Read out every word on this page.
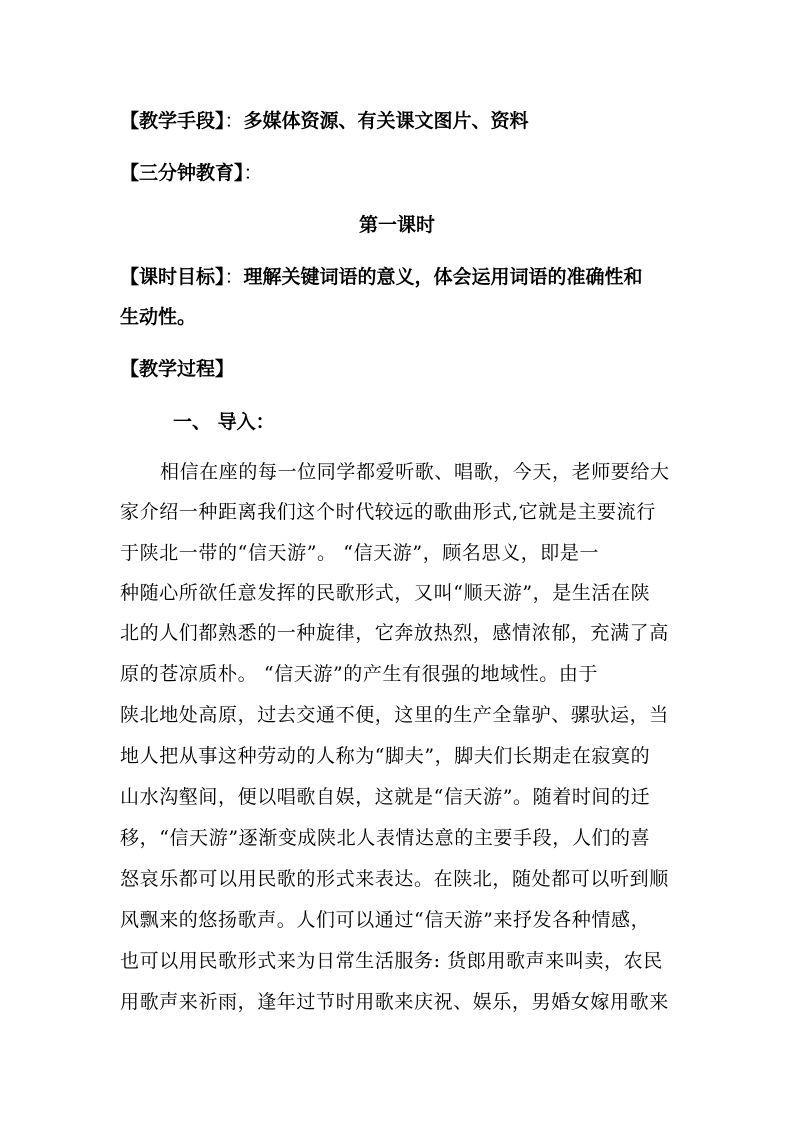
【教学手段】：多媒体资源、有关课文图片、资料
【三分钟教育】：
第一课时
【课时目标】：理解关键词语的意义，体会运用词语的准确性和
生动性。
【教学过程】
一、 导入：
相信在座的每一位同学都爱听歌、唱歌，今天，老师要给大
家介绍一种距离我们这个时代较远的歌曲形式,它就是主要流行
于陕北一带的“信天游”。 “信天游”，顾名思义，即是一
种随心所欲任意发挥的民歌形式，又叫“顺天游”，是生活在陕
北的人们都熟悉的一种旋律，它奔放热烈，感情浓郁，充满了高
原的苍凉质朴。 “信天游”的产生有很强的地域性。由于
陕北地处高原，过去交通不便，这里的生产全靠驴、骡驮运，当
地人把从事这种劳动的人称为“脚夫”，脚夫们长期走在寂寞的
山水沟壑间，便以唱歌自娱，这就是“信天游”。随着时间的迁
移，“信天游”逐渐变成陕北人表情达意的主要手段，人们的喜
怒哀乐都可以用民歌的形式来表达。在陕北，随处都可以听到顺
风飘来的悠扬歌声。人们可以通过“信天游”来抒发各种情感，
也可以用民歌形式来为日常生活服务: 货郎用歌声来叫卖，农民
用歌声来祈雨，逢年过节时用歌来庆祝、娱乐，男婚女嫁用歌来
